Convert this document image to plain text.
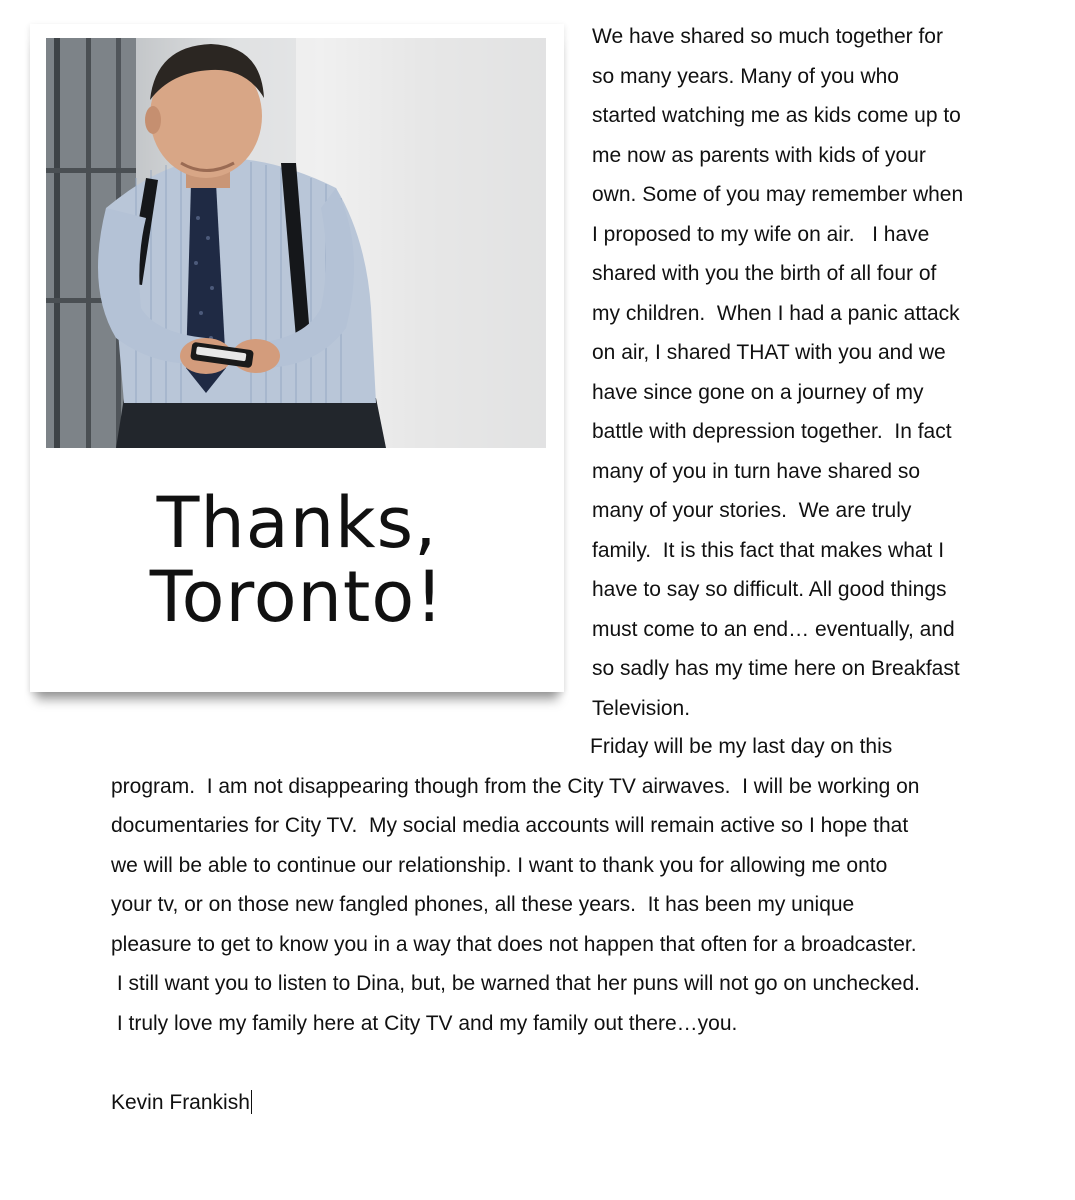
Thanks,
Toronto!
We have shared so much together for
so many years. Many of you who
started watching me as kids come up to
me now as parents with kids of your
own. Some of you may remember when
I proposed to my wife on air.   I have
shared with you the birth of all four of
my children.  When I had a panic attack
on air, I shared THAT with you and we
have since gone on a journey of my
battle with depression together.  In fact
many of you in turn have shared so
many of your stories.  We are truly
family.  It is this fact that makes what I
have to say so difficult. All good things
must come to an end… eventually, and
so sadly has my time here on Breakfast
Television.
Friday will be my last day on this
program.  I am not disappearing though from the City TV airwaves.  I will be working on
documentaries for City TV.  My social media accounts will remain active so I hope that
we will be able to continue our relationship. I want to thank you for allowing me onto
your tv, or on those new fangled phones, all these years.  It has been my unique
pleasure to get to know you in a way that does not happen that often for a broadcaster.
I still want you to listen to Dina, but, be warned that her puns will not go on unchecked.
I truly love my family here at City TV and my family out there…you.
Kevin Frankish
